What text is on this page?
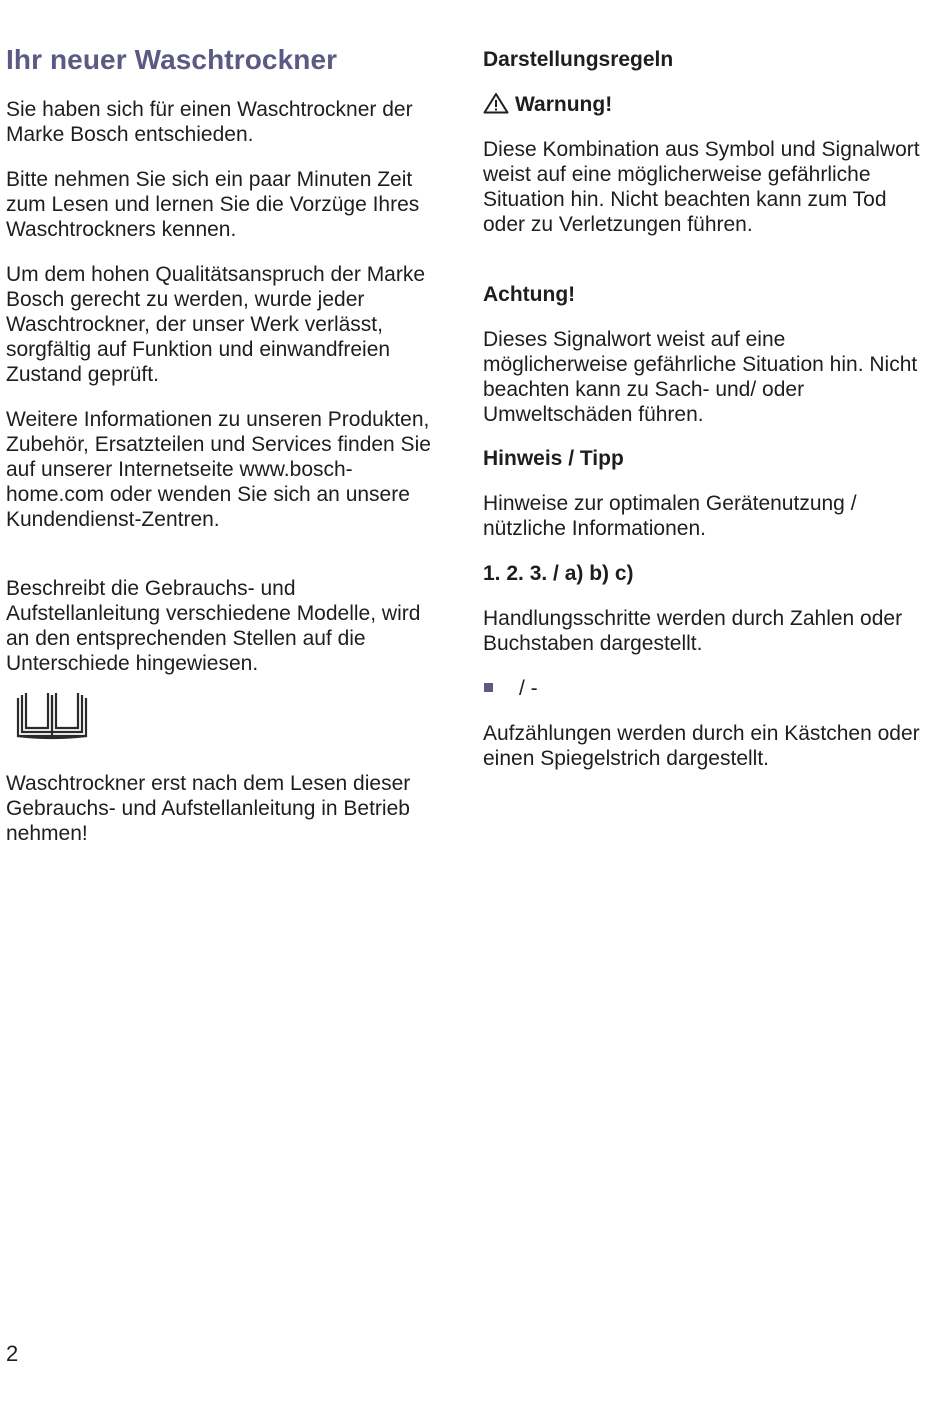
Ihr neuer Waschtrockner

Sie haben sich für einen Waschtrockner der Marke Bosch entschieden.

Bitte nehmen Sie sich ein paar Minuten Zeit zum Lesen und lernen Sie die Vorzüge Ihres Waschtrockners kennen.

Um dem hohen Qualitätsanspruch der Marke Bosch gerecht zu werden, wurde jeder Waschtrockner, der unser Werk verlässt, sorgfältig auf Funktion und einwandfreien Zustand geprüft.

Weitere Informationen zu unseren Produkten, Zubehör, Ersatzteilen und Services finden Sie auf unserer Internetseite www.bosch-home.com oder wenden Sie sich an unsere Kundendienst-Zentren.

Beschreibt die Gebrauchs- und Aufstellanleitung verschiedene Modelle, wird an den entsprechenden Stellen auf die Unterschiede hingewiesen.

Waschtrockner erst nach dem Lesen dieser Gebrauchs- und Aufstellanleitung in Betrieb nehmen!

Darstellungsregeln
Warnung!

Diese Kombination aus Symbol und Signalwort weist auf eine möglicherweise gefährliche Situation hin. Nicht beachten kann zum Tod oder zu Verletzungen führen.

Achtung!

Dieses Signalwort weist auf eine möglicherweise gefährliche Situation hin. Nicht beachten kann zu Sach- und/ oder Umweltschäden führen.

Hinweis / Tipp

Hinweise zur optimalen Gerätenutzung / nützliche Informationen.

1. 2. 3. / a) b) c)

Handlungsschritte werden durch Zahlen oder Buchstaben dargestellt.

/ -

Aufzählungen werden durch ein Kästchen oder einen Spiegelstrich dargestellt.

2
